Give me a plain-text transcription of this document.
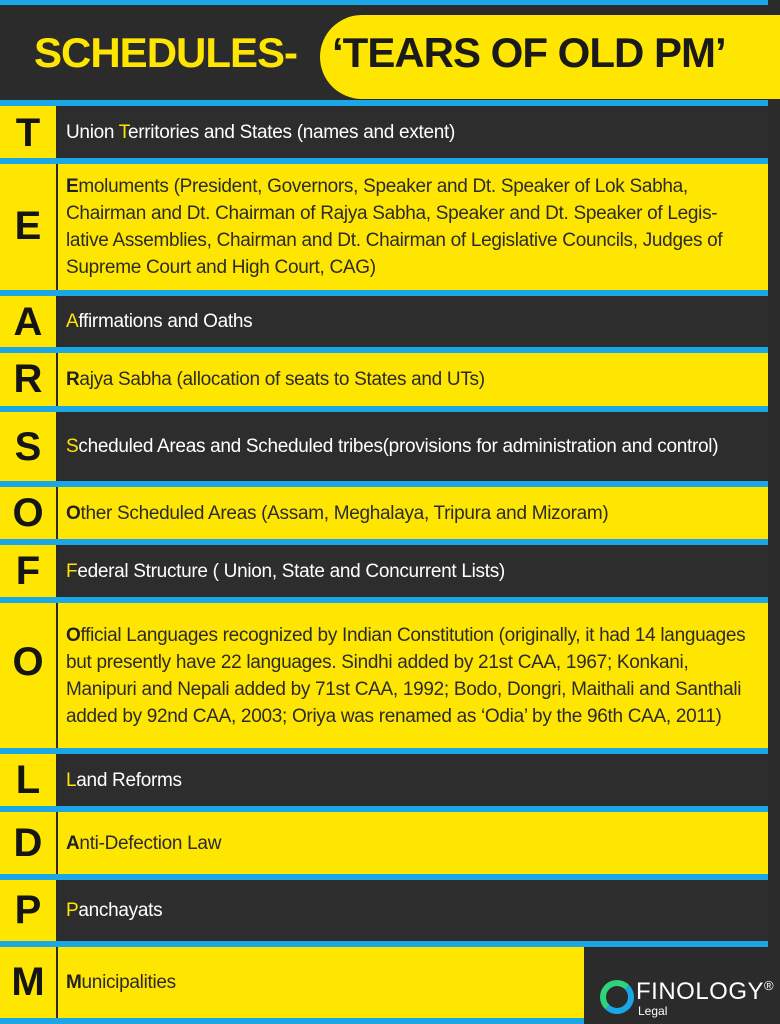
SCHEDULES- ‘TEARS OF OLD PM’
T
E
A
R
S
O
F
O
L
D
P
M
Union Territories and States (names and extent)
Emoluments (President, Governors, Speaker and Dt. Speaker of Lok Sabha, Chairman and Dt. Chairman of Rajya Sabha, Speaker and Dt. Speaker of Legis-lative Assemblies, Chairman and Dt. Chairman of Legislative Councils, Judges of Supreme Court and High Court, CAG)
Affirmations and Oaths
Rajya Sabha (allocation of seats to States and UTs)
Scheduled Areas and Scheduled tribes(provisions for administration and control)
Other Scheduled Areas (Assam, Meghalaya, Tripura and Mizoram)
Federal Structure ( Union, State and Concurrent Lists)
Official Languages recognized by Indian Constitution (originally, it had 14 languages but presently have 22 languages. Sindhi added by 21st CAA, 1967; Konkani, Manipuri and Nepali added by 71st CAA, 1992; Bodo, Dongri, Maithali and Santhali added by 92nd CAA, 2003; Oriya was renamed as ‘Odia’ by the 96th CAA, 2011)
Land Reforms
Anti-Defection Law
Panchayats
Municipalities	FINOLOGY®
Legal
